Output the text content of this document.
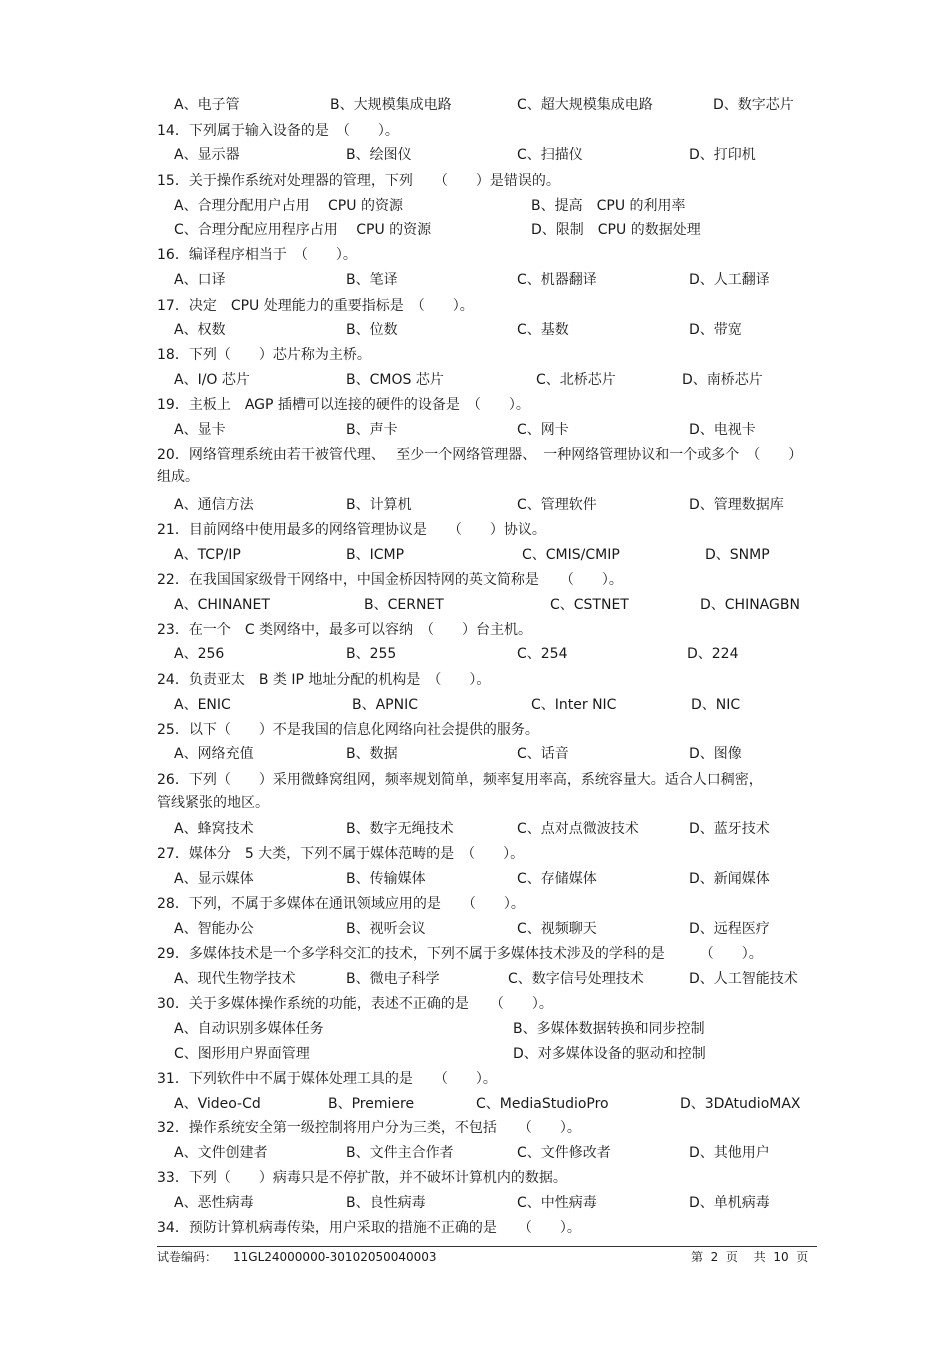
A、电子管	B、大规模集成电路	C、超大规模集成电路	D、数字芯片
14．下列属于输入设备的是　（　　）。
A、显示器	B、绘图仪	C、扫描仪	D、打印机
15．关于操作系统对处理器的管理，下列　　（　　）是错误的。
A、合理分配用户占用　 CPU 的资源	B、提高　CPU 的利用率
C、合理分配应用程序占用　 CPU 的资源	D、限制　CPU 的数据处理
16．编译程序相当于　（　　）。
A、口译	B、笔译	C、机器翻译	D、人工翻译
17．决定　CPU 处理能力的重要指标是　（　　）。
A、权数	B、位数	C、基数	D、带宽
18．下列（　　）芯片称为主桥。
A、I/O 芯片	B、CMOS 芯片	C、北桥芯片	D、南桥芯片
19．主板上　AGP 插槽可以连接的硬件的设备是　（　　）。
A、显卡	B、声卡	C、网卡	D、电视卡
20．网络管理系统由若干被管代理、　 至少一个网络管理器、　一种网络管理协议和一个或多个　（　　）
组成。
A、通信方法	B、计算机	C、管理软件	D、管理数据库
21．目前网络中使用最多的网络管理协议是　　（　　）协议。
A、TCP/IP	B、ICMP	C、CMIS/CMIP	D、SNMP
22．在我国国家级骨干网络中，中国金桥因特网的英文简称是　　（　　）。
A、CHINANET	B、CERNET	C、CSTNET	D、CHINAGBN
23．在一个　C 类网络中，最多可以容纳　（　　）台主机。
A、256	B、255	C、254	D、224
24．负责亚太　B 类 IP 地址分配的机构是　（　　）。
A、ENIC	B、APNIC	C、Inter NIC	D、NIC
25．以下（　　）不是我国的信息化网络向社会提供的服务。
A、网络充值	B、数据	C、话音	D、图像
26．下列（　　）采用微蜂窝组网，频率规划简单，频率复用率高，系统容量大。适合人口稠密，
管线紧张的地区。
A、蜂窝技术	B、数字无绳技术	C、点对点微波技术	D、蓝牙技术
27．媒体分　5 大类，下列不属于媒体范畴的是　（　　）。
A、显示媒体	B、传输媒体	C、存储媒体	D、新闻媒体
28．下列，不属于多媒体在通讯领域应用的是　　（　　）。
A、智能办公	B、视听会议	C、视频聊天	D、远程医疗
29．多媒体技术是一个多学科交汇的技术，下列不属于多媒体技术涉及的学科的是　　　（　　）。
A、现代生物学技术	B、微电子科学	C、数字信号处理技术	D、人工智能技术
30．关于多媒体操作系统的功能，表述不正确的是　　（　　）。
A、自动识别多媒体任务	B、多媒体数据转换和同步控制
C、图形用户界面管理	D、对多媒体设备的驱动和控制
31．下列软件中不属于媒体处理工具的是　　（　　）。
A、Video-Cd	B、Premiere	C、MediaStudioPro	D、3DAtudioMAX
32．操作系统安全第一级控制将用户分为三类，不包括　　（　　）。
A、文件创建者	B、文件主合作者	C、文件修改者	D、其他用户
33．下列（　　）病毒只是不停扩散，并不破坏计算机内的数据。
A、恶性病毒	B、良性病毒	C、中性病毒	D、单机病毒
34．预防计算机病毒传染，用户采取的措施不正确的是　　（　　）。
试卷编码： 11GL24000000-30102050040003	第  2  页　 共  10  页
